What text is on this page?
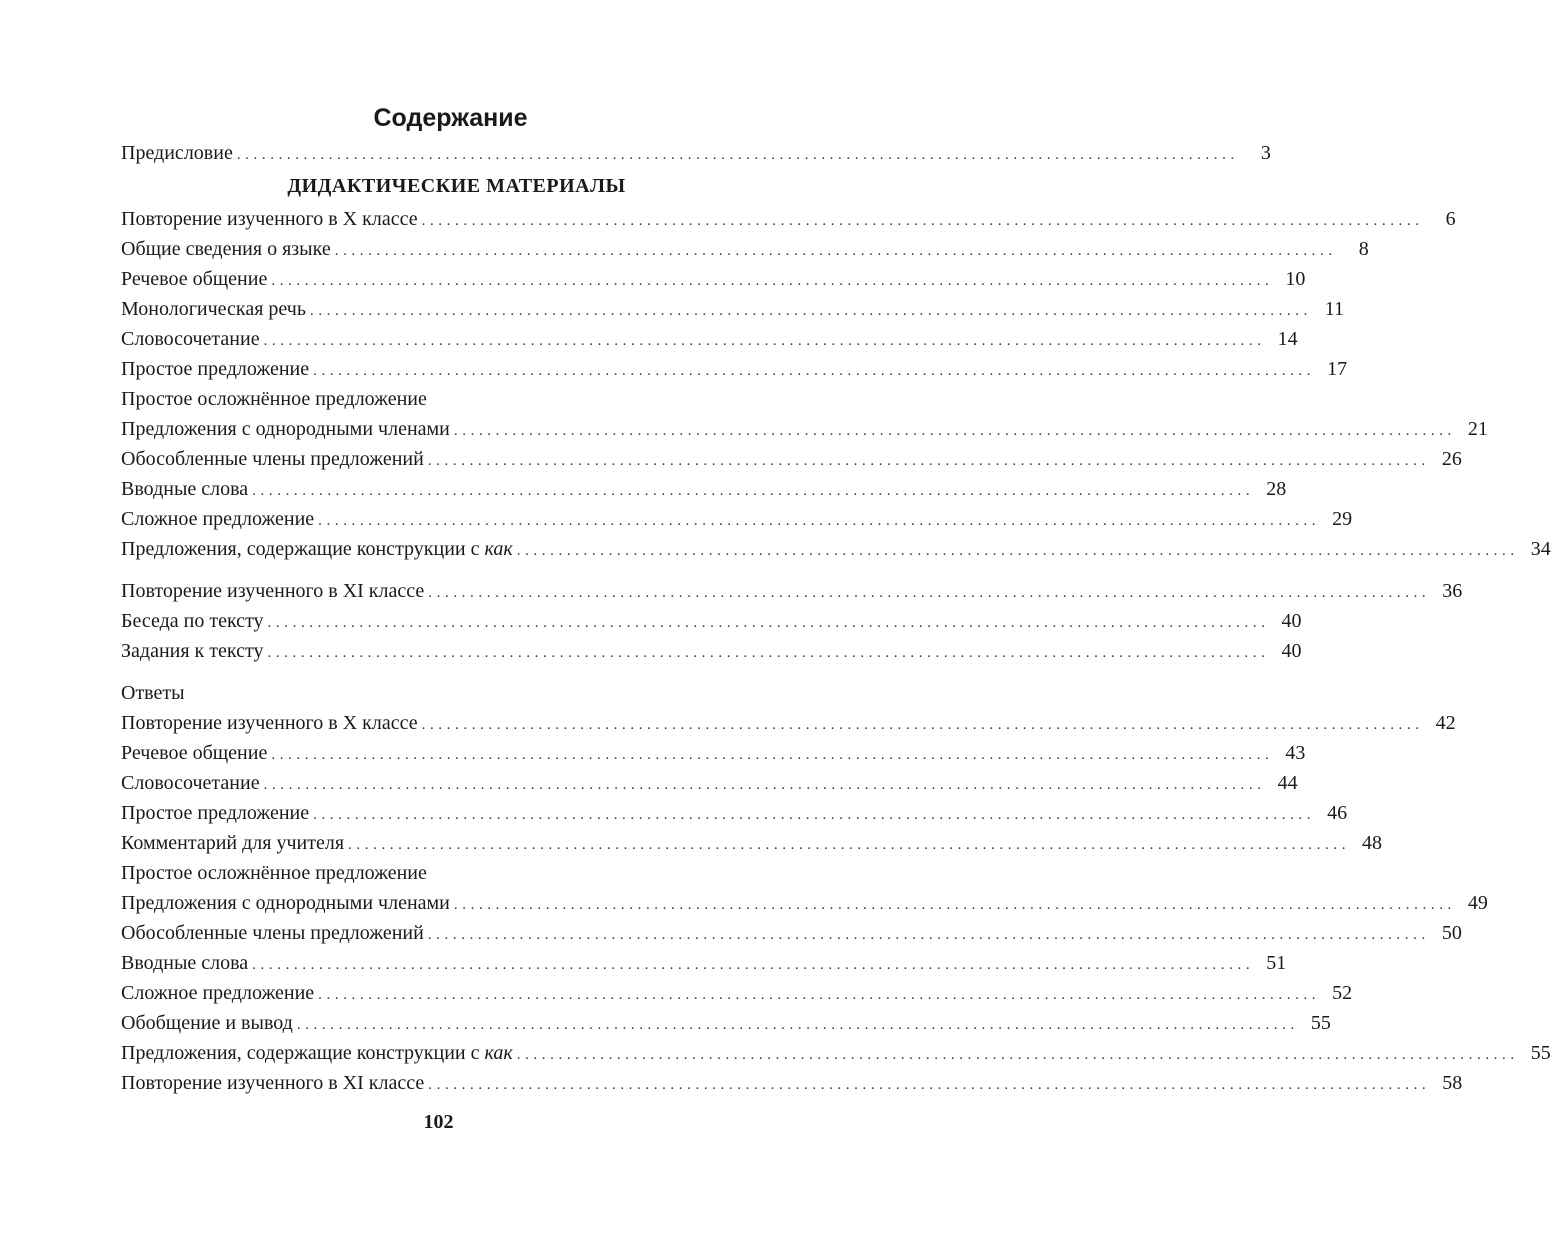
Содержание
Предисловие ........................................................................................................................	3
ДИДАКТИЧЕСКИЕ МАТЕРИАЛЫ
Повторение изученного в X классе ........................................................................................................................	6
Общие сведения о языке ........................................................................................................................	8
Речевое общение ........................................................................................................................ 10
Монологическая речь ........................................................................................................................ 11
Словосочетание ........................................................................................................................ 14
Простое предложение ........................................................................................................................ 17
Простое осложнённое предложение
Предложения с однородными членами ........................................................................................................................ 21
Обособленные члены предложений ........................................................................................................................ 26
Вводные слова ........................................................................................................................ 28
Сложное предложение ........................................................................................................................ 29
Предложения, содержащие конструкции с как ........................................................................................................................ 34
Повторение изученного в XI классе ........................................................................................................................ 36
Беседа по тексту ........................................................................................................................ 40
Задания к тексту ........................................................................................................................ 40
Ответы
Повторение изученного в X классе ........................................................................................................................ 42
Речевое общение ........................................................................................................................ 43
Словосочетание ........................................................................................................................ 44
Простое предложение ........................................................................................................................ 46
Комментарий для учителя ........................................................................................................................ 48
Простое осложнённое предложение
Предложения с однородными членами ........................................................................................................................ 49
Обособленные члены предложений ........................................................................................................................ 50
Вводные слова ........................................................................................................................ 51
Сложное предложение ........................................................................................................................ 52
Обобщение и вывод ........................................................................................................................ 55
Предложения, содержащие конструкции с как ........................................................................................................................ 55
Повторение изученного в XI классе ........................................................................................................................ 58
102
